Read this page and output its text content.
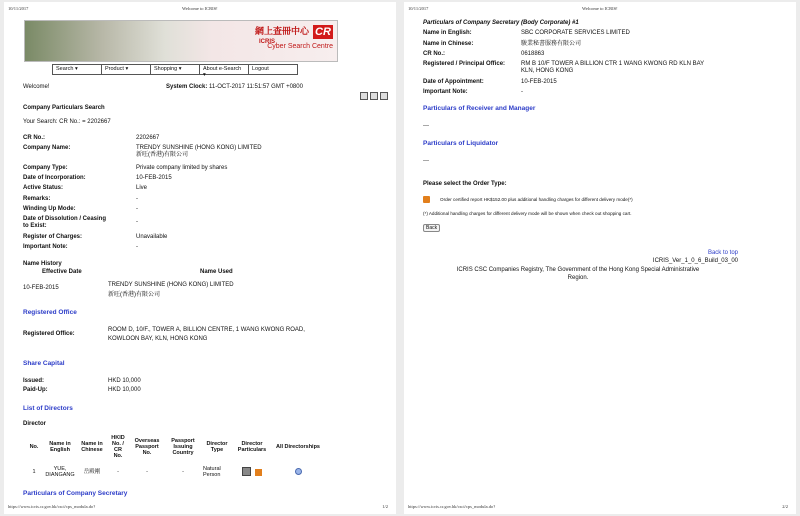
10/11/2017	Welcome to ICRIS!
網上查冊中心 CR
ICRIS
Cyber Search Centre
Search ▾	Product ▾	Shopping ▾	About e-Search ▾
Logout
Welcome!	System Clock: 11-OCT-2017 11:51:57 GMT +0800
Company Particulars Search
Your Search: CR No.: = 2202667
CR No.:	2202667
Company Name:	TRENDY SUNSHINE (HONG KONG) LIMITED
新旺(香港)有限公司
Company Type:	Private company limited by shares
Date of Incorporation:	10-FEB-2015
Active Status:	Live
Remarks:	-
Winding Up Mode:	-
Date of Dissolution / Ceasing to Exist:
-
Register of Charges:	Unavailable
Important Note:	-
Name History
Effective Date	Name Used
10-FEB-2015	TRENDY SUNSHINE (HONG KONG) LIMITED
新旺(香港)有限公司
Registered Office
Registered Office:
ROOM D, 10/F., TOWER A, BILLION CENTRE, 1 WANG KWONG ROAD,
KOWLOON BAY, KLN, HONG KONG
Share Capital
Issued:	HKD 10,000
Paid-Up:	HKD 10,000
List of Directors
Director
No.	Name in English	Name in Chinese	HKID No. / CR No.	Overseas Passport No.	Passport Issuing Country	Director Type	Director Particulars	All Directorships
1	YUE, DIANGANG	岳殿剛	-	-	-	Natural Person		
Particulars of Company Secretary
https://www.icris.cr.gov.hk/csci/cps_modula.do?	1/2
10/11/2017	Welcome to ICRIS!
Particulars of Company Secretary (Body Corporate) #1
Name in English:	SBC CORPORATE SERVICES LIMITED
Name in Chinese:	駿業秘書服務有限公司
CR No.:	0618863
Registered / Principal Office:	RM B 10/F TOWER A BILLION CTR 1 WANG KWONG RD KLN BAY
KLN, HONG KONG
Date of Appointment:	10-FEB-2015
Important Note:	-
Particulars of Receiver and Manager
---
Particulars of Liquidator
---
Please select the Order Type:
Order certified report HK$152.00 plus additional handling charges for different delivery mode(*)
(*) Additional handling charges for different delivery mode will be shown when check out shopping cart.
Back
Back to top
ICRIS_Ver_1_0_6_Build_03_00
ICRIS CSC Companies Registry, The Government of the Hong Kong Special Administrative
Region.
https://www.icris.cr.gov.hk/csci/cps_modula.do?	2/2
